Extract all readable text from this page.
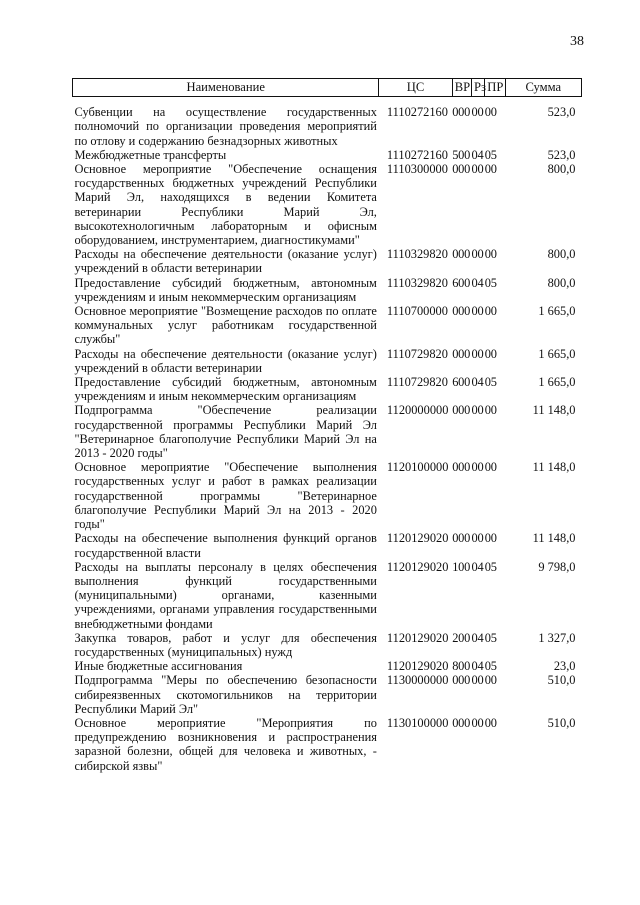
38
Наименование	ЦС	ВР	Рз	ПР	Сумма
Субвенции на осуществление государственных полномочий по организации проведения мероприятий по отлову и содержанию безнадзорных животных	1110272160	000	00	00	523,0
Межбюджетные трансферты	1110272160	500	04	05	523,0
Основное мероприятие "Обеспечение оснащения государственных бюджетных учреждений Республики Марий Эл, находящихся в ведении Комитета ветеринарии Республики Марий Эл, высокотехнологичным лабораторным и офисным оборудованием, инструментарием, диагностикумами"	1110300000	000	00	00	800,0
Расходы на обеспечение деятельности (оказание услуг) учреждений в области ветеринарии	1110329820	000	00	00	800,0
Предоставление субсидий бюджетным, автономным учреждениям и иным некоммерческим организациям	1110329820	600	04	05	800,0
Основное мероприятие "Возмещение расходов по оплате коммунальных услуг работникам государственной службы"	1110700000	000	00	00	1 665,0
Расходы на обеспечение деятельности (оказание услуг) учреждений в области ветеринарии	1110729820	000	00	00	1 665,0
Предоставление субсидий бюджетным, автономным учреждениям и иным некоммерческим организациям	1110729820	600	04	05	1 665,0
Подпрограмма "Обеспечение реализации государственной программы Республики Марий Эл "Ветеринарное благополучие Республики Марий Эл на 2013 - 2020 годы"	1120000000	000	00	00	11 148,0
Основное мероприятие "Обеспечение выполнения государственных услуг и работ в рамках реализации государственной программы "Ветеринарное благополучие Республики Марий Эл на 2013 - 2020 годы"	1120100000	000	00	00	11 148,0
Расходы на обеспечение выполнения функций органов государственной власти	1120129020	000	00	00	11 148,0
Расходы на выплаты персоналу в целях обеспечения выполнения функций государственными (муниципальными) органами, казенными учреждениями, органами управления государственными внебюджетными фондами	1120129020	100	04	05	9 798,0
Закупка товаров, работ и услуг для обеспечения государственных (муниципальных) нужд	1120129020	200	04	05	1 327,0
Иные бюджетные ассигнования	1120129020	800	04	05	23,0
Подпрограмма "Меры по обеспечению безопасности сибиреязвенных скотомогильников на территории Республики Марий Эл"	1130000000	000	00	00	510,0
Основное мероприятие "Мероприятия по предупреждению возникновения и распространения заразной болезни, общей для человека и животных, - сибирской язвы"	1130100000	000	00	00	510,0
